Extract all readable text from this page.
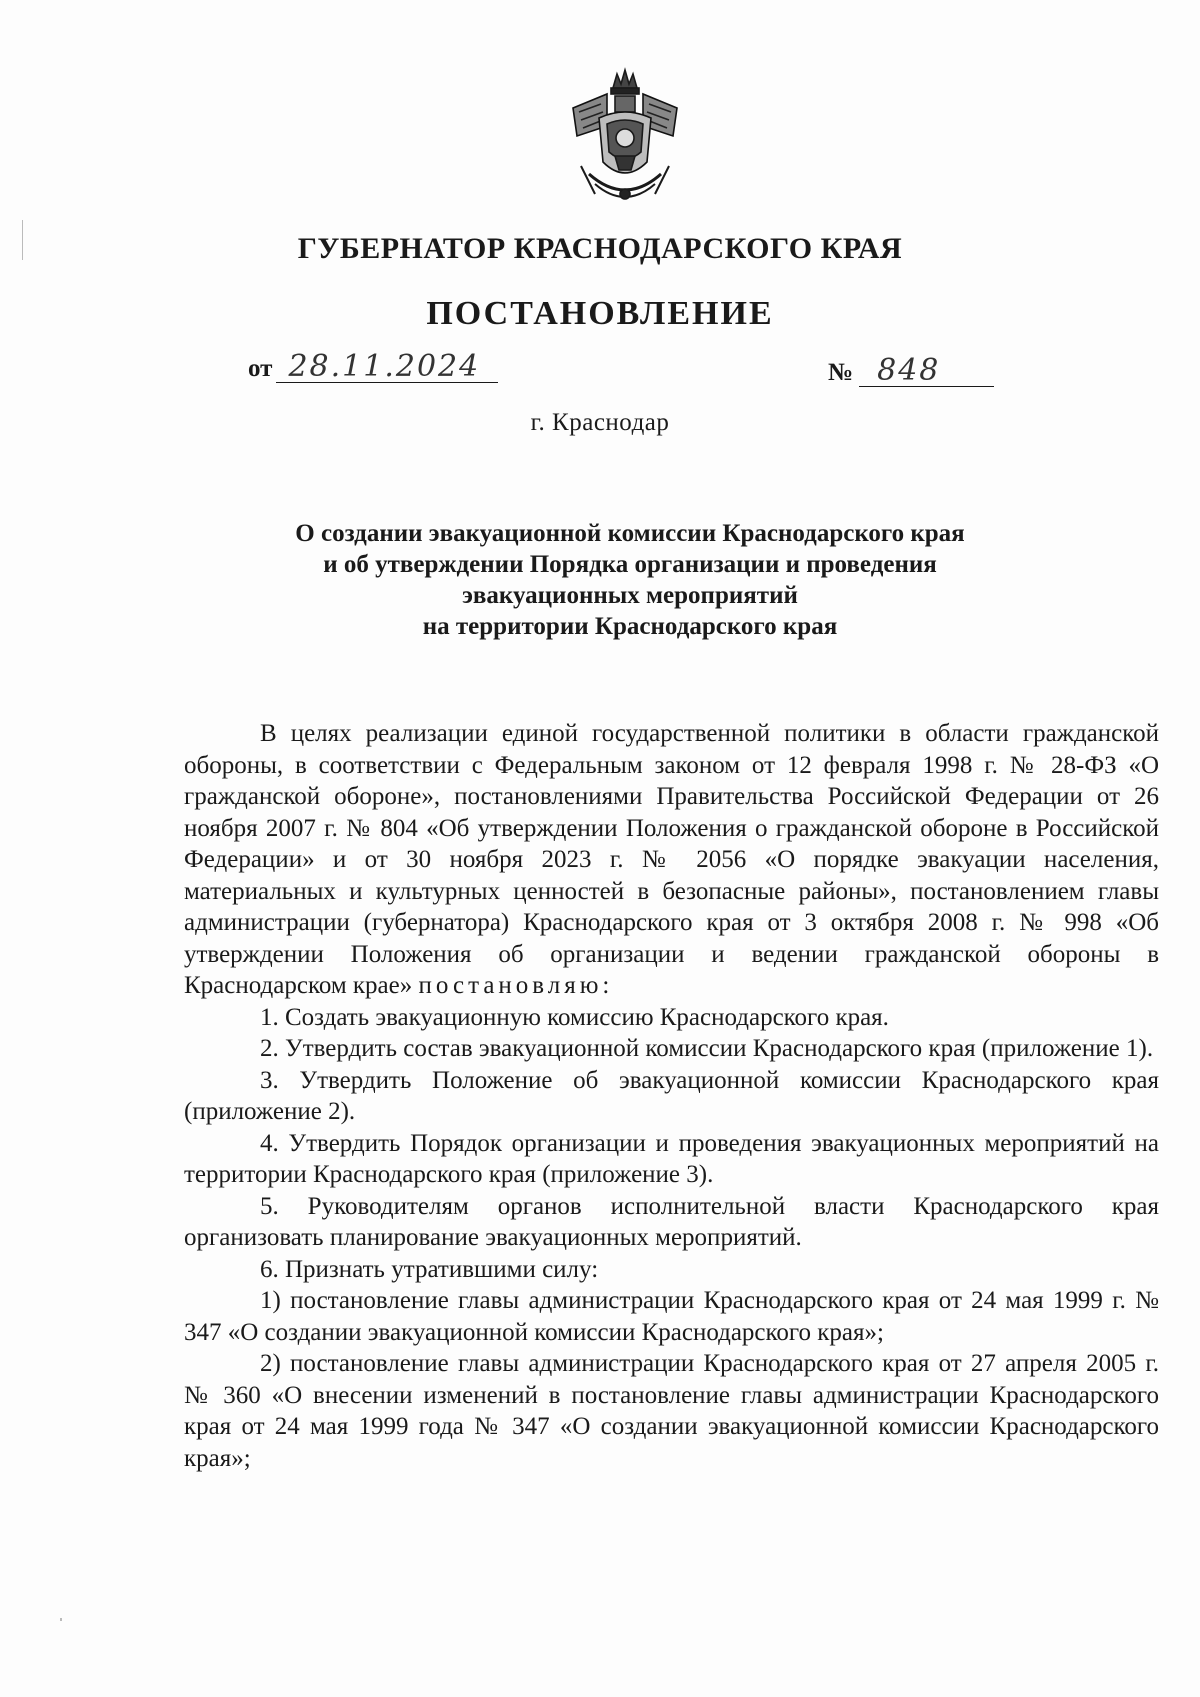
ГУБЕРНАТОР КРАСНОДАРСКОГО КРАЯ
ПОСТАНОВЛЕНИЕ
от 28.11.2024	№ 848
г. Краснодар
О создании эвакуационной комиссии Краснодарского края
и об утверждении Порядка организации и проведения
эвакуационных мероприятий
на территории Краснодарского края
В целях реализации единой государственной политики в области гражданской обороны, в соответствии с Федеральным законом от 12 февраля 1998 г. № 28-ФЗ «О гражданской обороне», постановлениями Правительства Российской Федерации от 26 ноября 2007 г. № 804 «Об утверждении Положения о гражданской обороне в Российской Федерации» и от 30 ноября 2023 г. № 2056 «О порядке эвакуации населения, материальных и культурных ценностей в безопасные районы», постановлением главы администрации (губернатора) Краснодарского края от 3 октября 2008 г. № 998 «Об утверждении Положения об организации и ведении гражданской обороны в Краснодарском крае» постановляю:
1. Создать эвакуационную комиссию Краснодарского края.
2. Утвердить состав эвакуационной комиссии Краснодарского края (приложение 1).
3. Утвердить Положение об эвакуационной комиссии Краснодарского края (приложение 2).
4. Утвердить Порядок организации и проведения эвакуационных мероприятий на территории Краснодарского края (приложение 3).
5. Руководителям органов исполнительной власти Краснодарского края организовать планирование эвакуационных мероприятий.
6. Признать утратившими силу:
1) постановление главы администрации Краснодарского края от 24 мая 1999 г. № 347 «О создании эвакуационной комиссии Краснодарского края»;
2) постановление главы администрации Краснодарского края от 27 апреля 2005 г. № 360 «О внесении изменений в постановление главы администрации Краснодарского края от 24 мая 1999 года № 347 «О создании эвакуационной комиссии Краснодарского края»;
